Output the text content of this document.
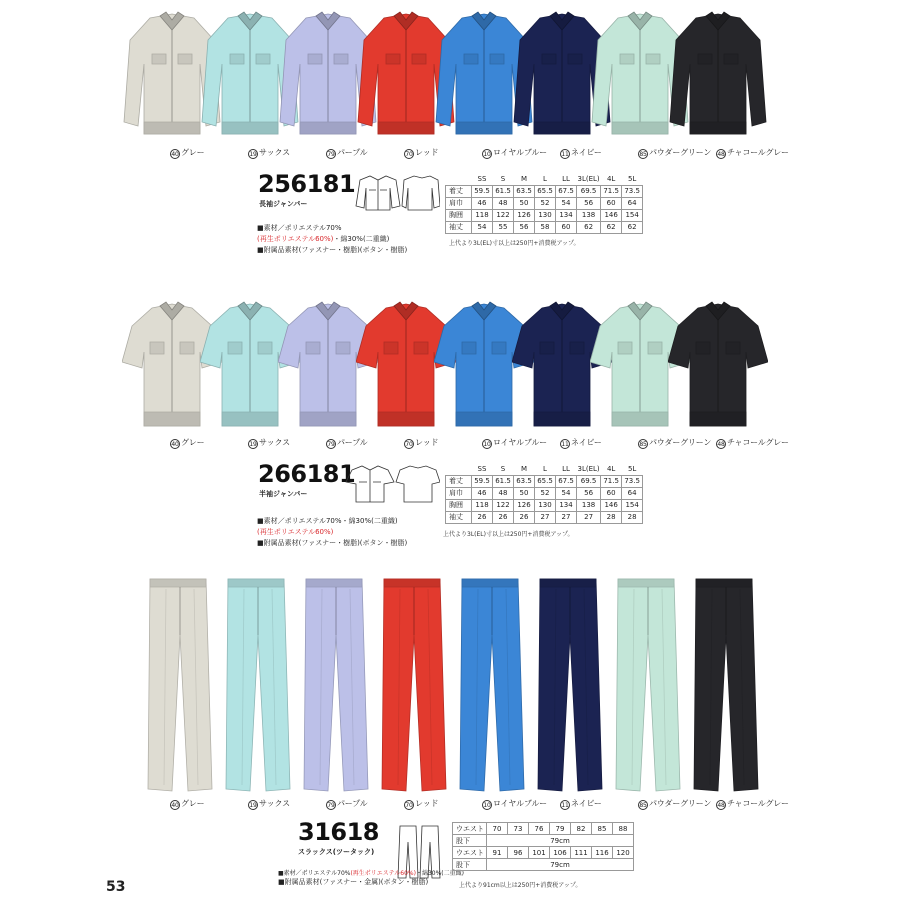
40 グレー	19 サックス	79 パープル	70 レッド	10 ロイヤルブルー 11 ネイビー	85 パウダーグリーン 48 チャコールグレー
256181
長袖ジャンパー
■素材／ポリエステル70%
(再生ポリエステル60%)・綿30%(二重織)
■附属品素材(ファスナー・樹脂)(ボタン・樹脂)
	SS	S	M	L	LL	3L(EL)	4L	5L
着丈	59.5	61.5	63.5	65.5	67.5	69.5	71.5	73.5
肩巾	46	48	50	52	54	56	60	64
胸囲	118	122	126	130	134	138	146	154
袖丈	54	55	56	58	60	62	62	62
上代より3L(EL)寸以上は250円+消費税アップ。
40 グレー	19 サックス	79 パープル	70 レッド	10 ロイヤルブルー 11 ネイビー	85 パウダーグリーン 48 チャコールグレー
266181
半袖ジャンパー
■素材／ポリエステル70%・綿30%(二重織)
(再生ポリエステル60%)
■附属品素材(ファスナー・樹脂)(ボタン・樹脂)
	SS	S	M	L	LL	3L(EL)	4L	5L
着丈	59.5	61.5	63.5	65.5	67.5	69.5	71.5	73.5
肩巾	46	48	50	52	54	56	60	64
胸囲	118	122	126	130	134	138	146	154
袖丈	26	26	26	27	27	27	28	28
上代より3L(EL)寸以上は250円+消費税アップ。
40 グレー	19 サックス	79 パープル	70 レッド	10 ロイヤルブルー 11 ネイビー	85 パウダーグリーン 48 チャコールグレー
31618
スラックス(ツータック)
■素材／ポリエステル70%(再生ポリエステル60%)・綿30%(二重織)
■附属品素材(ファスナー・金属)(ボタン・樹脂)
ウエスト	70	73	76	79	82	85	88
股下	79cm						
ウエスト	91	96	101	106	111	116	120
股下	79cm						
上代より91cm以上は250円+消費税アップ。
53
